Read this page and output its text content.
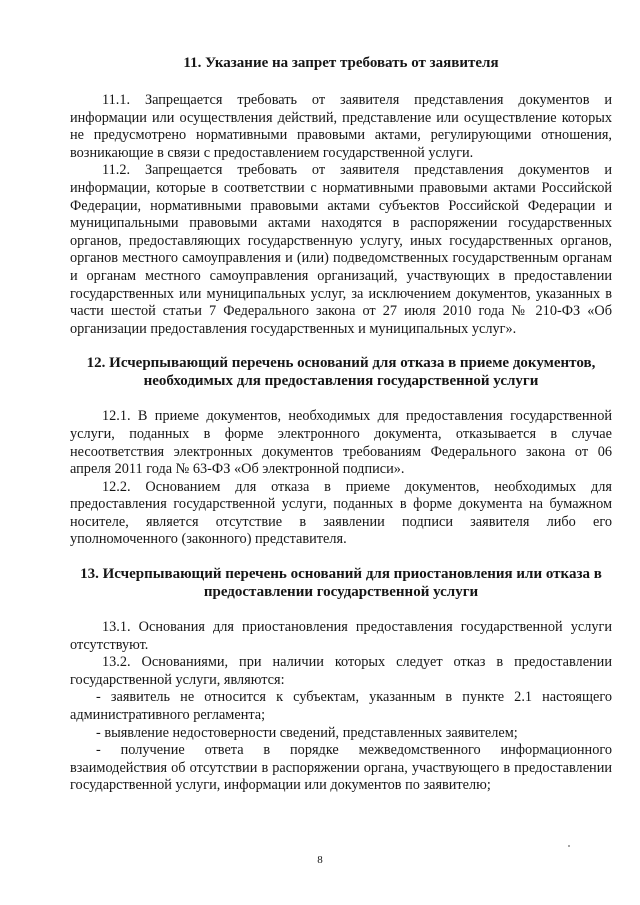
11. Указание на запрет требовать от заявителя

11.1. Запрещается требовать от заявителя представления документов и информации или осуществления действий, представление или осуществление которых не предусмотрено нормативными правовыми актами, регулирующими отношения, возникающие в связи с предоставлением государственной услуги.

11.2. Запрещается требовать от заявителя представления документов и информации, которые в соответствии с нормативными правовыми актами Российской Федерации, нормативными правовыми актами субъектов Российской Федерации и муниципальными правовыми актами находятся в распоряжении государственных органов, предоставляющих государственную услугу, иных государственных органов, органов местного самоуправления и (или) подведомственных государственным органам и органам местного самоуправления организаций, участвующих в предоставлении государственных или муниципальных услуг, за исключением документов, указанных в части шестой статьи 7 Федерального закона от 27 июля 2010 года № 210-ФЗ «Об организации предоставления государственных и муниципальных услуг».

12. Исчерпывающий перечень оснований для отказа в приеме документов, необходимых для предоставления государственной услуги

12.1. В приеме документов, необходимых для предоставления государственной услуги, поданных в форме электронного документа, отказывается в случае несоответствия электронных документов требованиям Федерального закона от 06 апреля 2011 года № 63-ФЗ «Об электронной подписи».

12.2. Основанием для отказа в приеме документов, необходимых для предоставления государственной услуги, поданных в форме документа на бумажном носителе, является отсутствие в заявлении подписи заявителя либо его уполномоченного (законного) представителя.

13. Исчерпывающий перечень оснований для приостановления или отказа в предоставлении государственной услуги

13.1. Основания для приостановления предоставления государственной услуги отсутствуют.

13.2. Основаниями, при наличии которых следует отказ в предоставлении государственной услуги, являются:

- заявитель не относится к субъектам, указанным в пункте 2.1 настоящего административного регламента;

- выявление недостоверности сведений, представленных заявителем;

- получение ответа в порядке межведомственного информационного взаимодействия об отсутствии в распоряжении органа, участвующего в предоставлении государственной услуги, информации или документов по заявителю;

8
